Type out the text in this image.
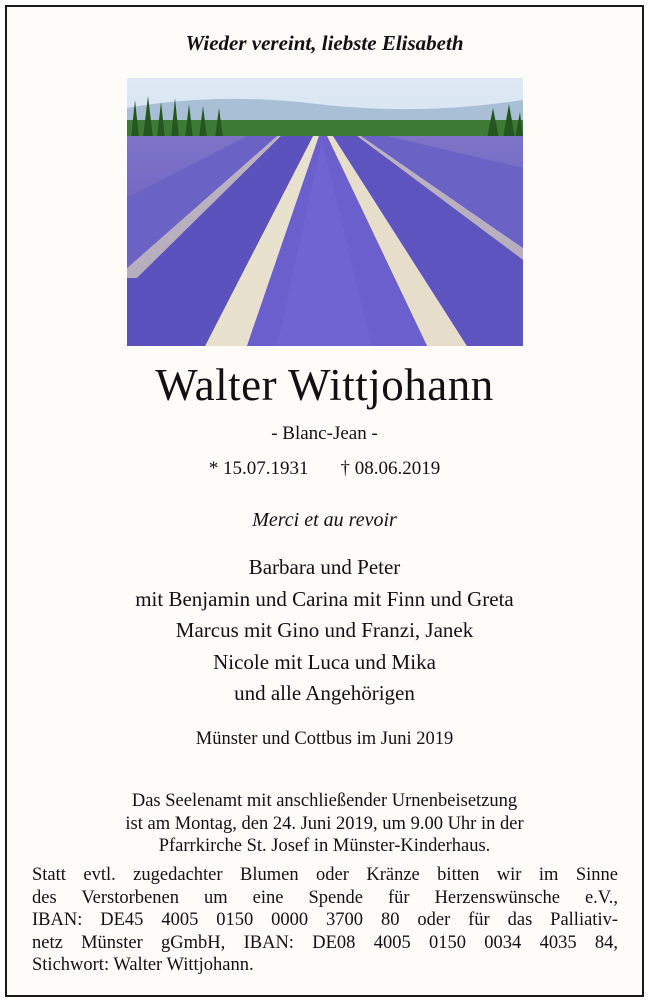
Wieder vereint, liebste Elisabeth
Walter Wittjohann
- Blanc-Jean -
* 15.07.1931 † 08.06.2019
Merci et au revoir
Barbara und Peter
mit Benjamin und Carina mit Finn und Greta
Marcus mit Gino und Franzi, Janek
Nicole mit Luca und Mika
und alle Angehörigen
Münster und Cottbus im Juni 2019
Das Seelenamt mit anschließender Urnenbeisetzung
ist am Montag, den 24. Juni 2019, um 9.00 Uhr in der
Pfarrkirche St. Josef in Münster-Kinderhaus.
Statt evtl. zugedachter Blumen oder Kränze bitten wir im Sinne
des Verstorbenen um eine Spende für Herzenswünsche e.V.,
IBAN: DE45 4005 0150 0000 3700 80 oder für das Palliativ-
netz Münster gGmbH, IBAN: DE08 4005 0150 0034 4035 84,
Stichwort: Walter Wittjohann.
